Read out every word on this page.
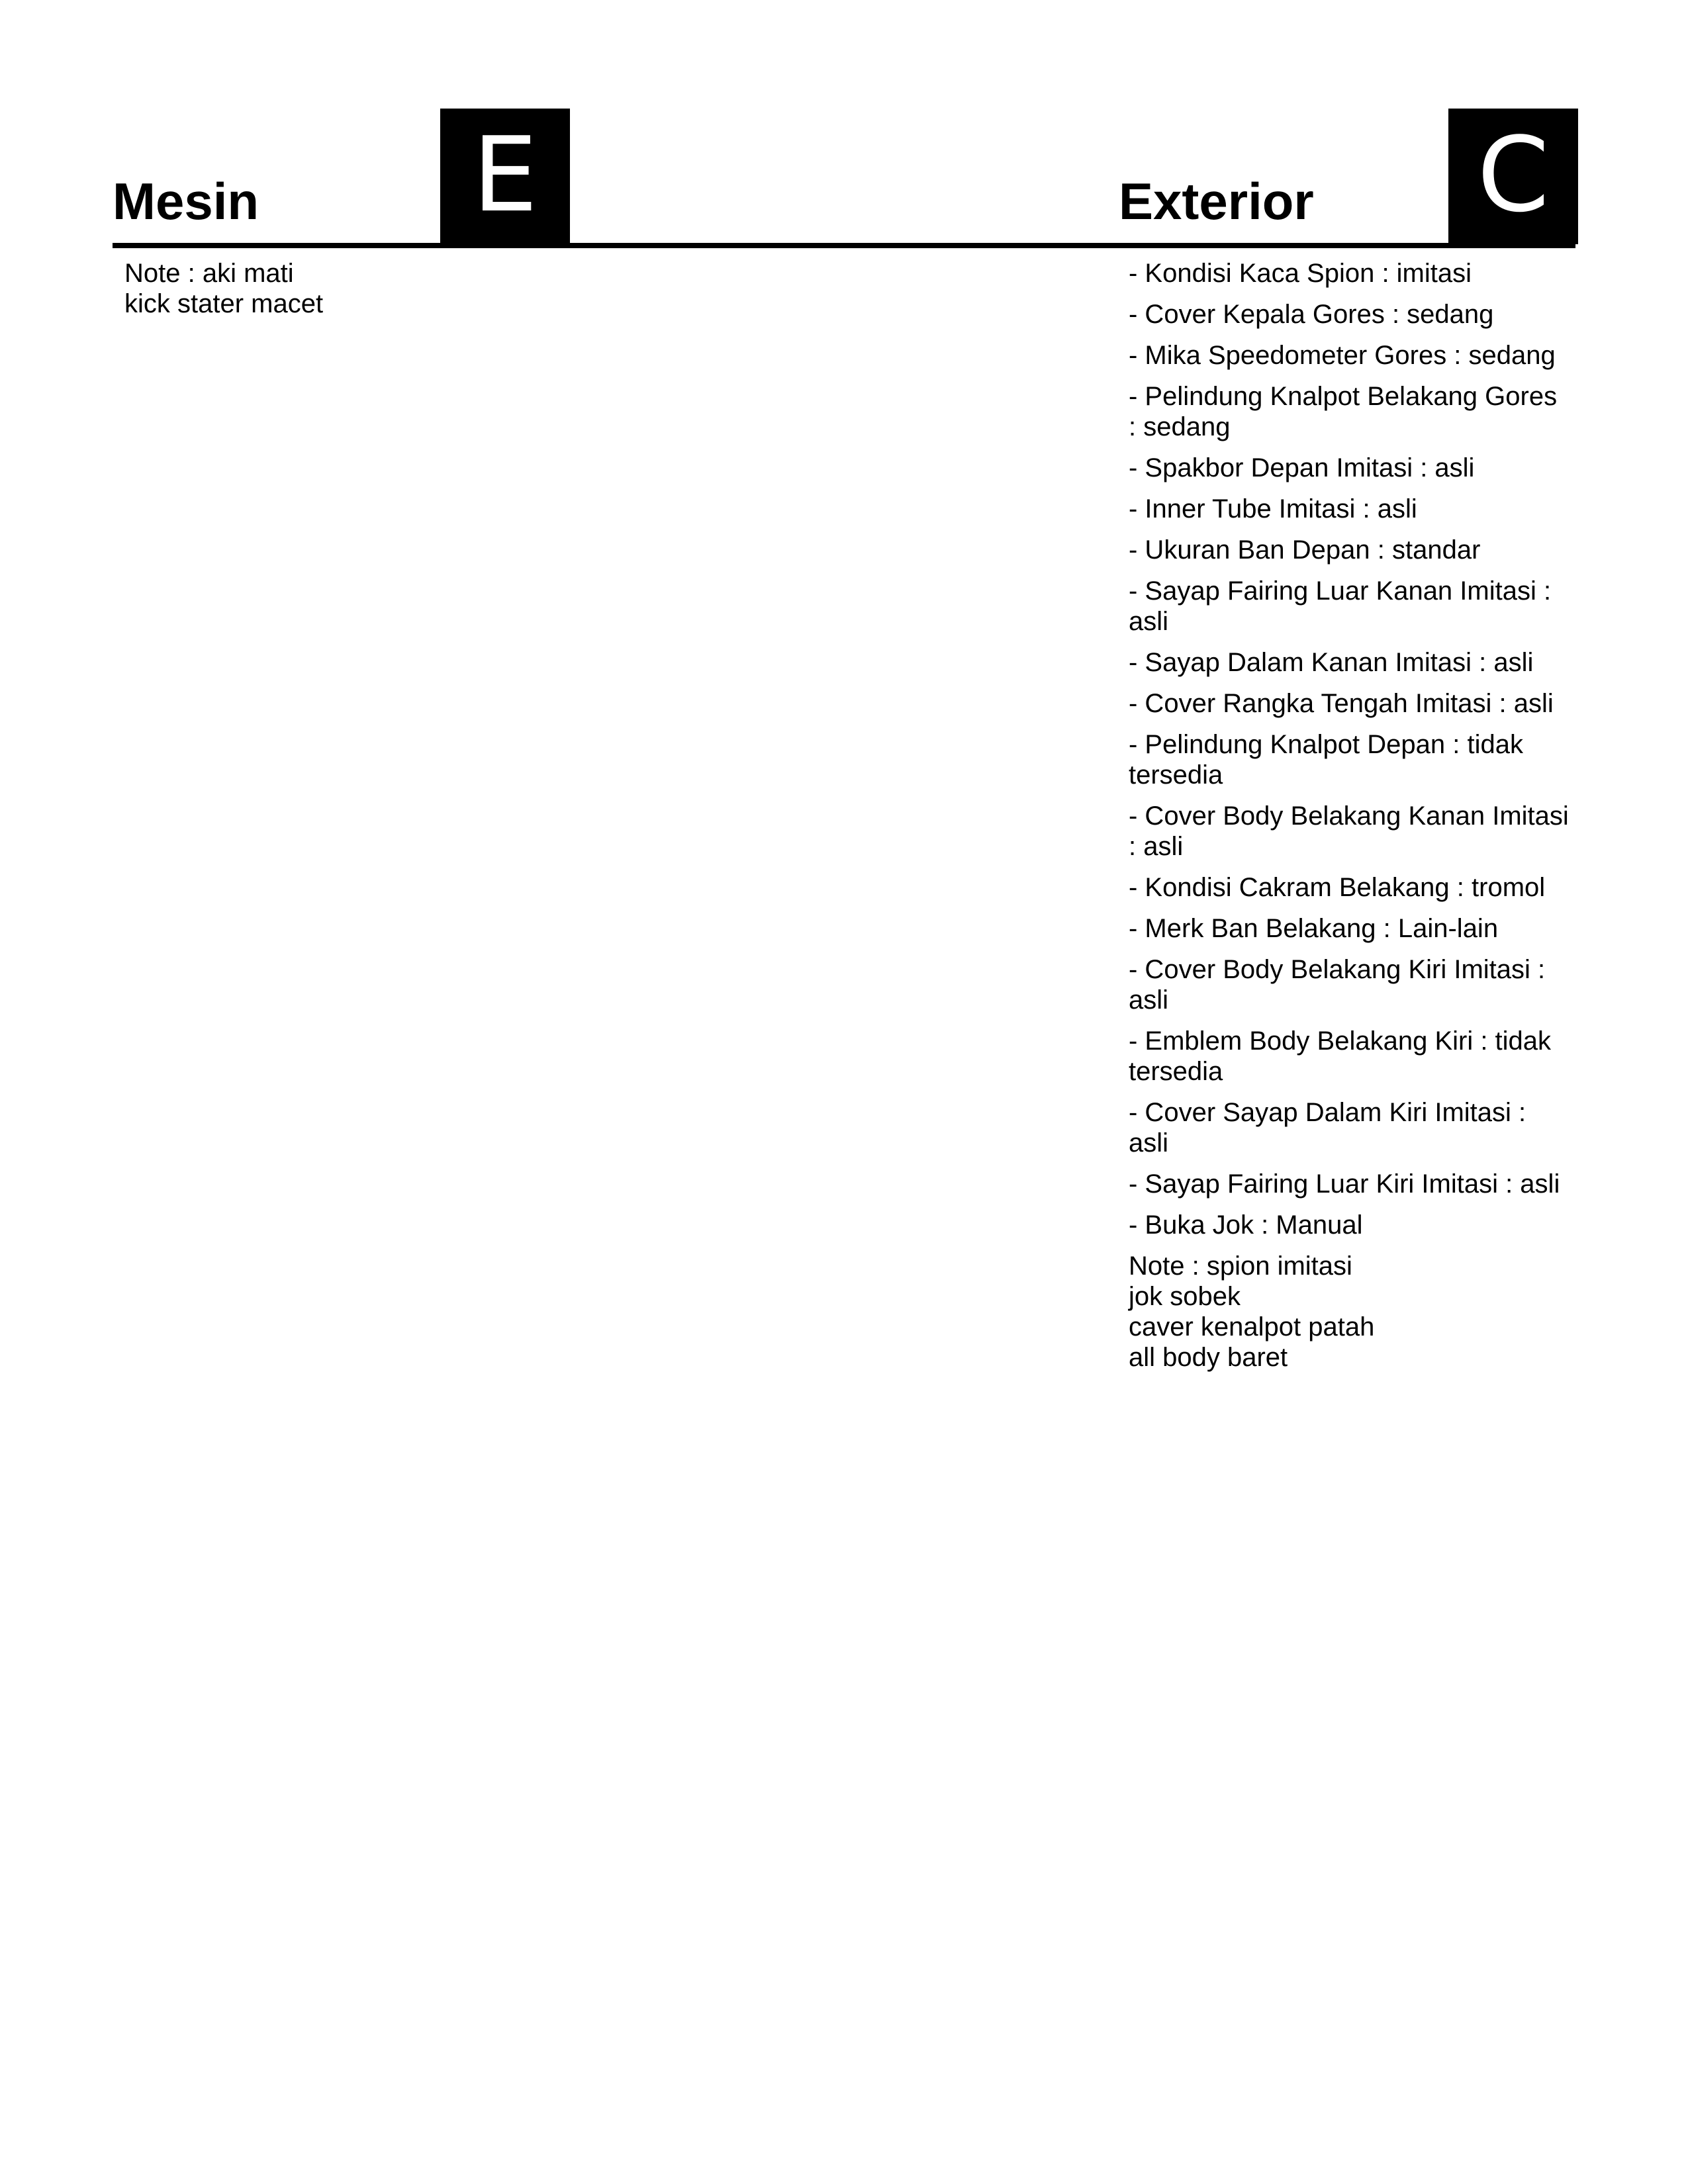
Mesin	E	Exterior C
Note : aki mati
kick stater macet
- Kondisi Kaca Spion : imitasi
- Cover Kepala Gores : sedang
- Mika Speedometer Gores : sedang
- Pelindung Knalpot Belakang Gores : sedang
- Spakbor Depan Imitasi : asli
- Inner Tube Imitasi : asli
- Ukuran Ban Depan : standar
- Sayap Fairing Luar Kanan Imitasi : asli
- Sayap Dalam Kanan Imitasi : asli
- Cover Rangka Tengah Imitasi : asli
- Pelindung Knalpot Depan : tidak tersedia
- Cover Body Belakang Kanan Imitasi : asli
- Kondisi Cakram Belakang : tromol
- Merk Ban Belakang : Lain-lain
- Cover Body Belakang Kiri Imitasi : asli
- Emblem Body Belakang Kiri : tidak tersedia
- Cover Sayap Dalam Kiri Imitasi : asli
- Sayap Fairing Luar Kiri Imitasi : asli
- Buka Jok : Manual
Note : spion imitasi
jok sobek
caver kenalpot patah
all body baret
